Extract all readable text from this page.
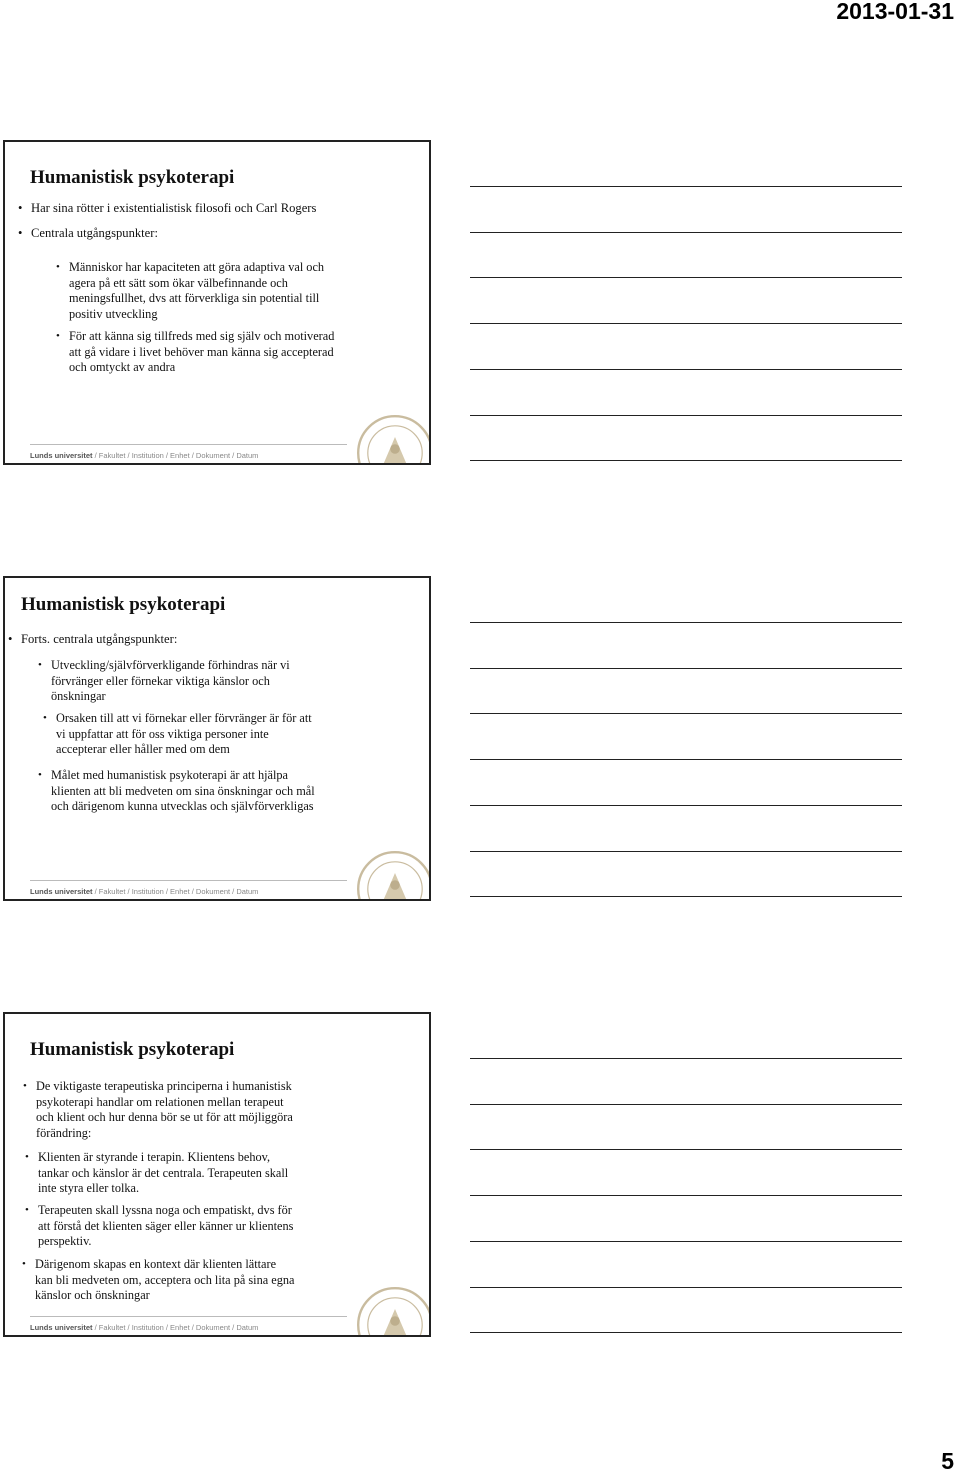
2013-01-31
Humanistisk psykoterapi
• Har sina rötter i existentialistisk filosofi och Carl Rogers
• Centrala utgångspunkter:
• Människor har kapaciteten att göra adaptiva val och
agera på ett sätt som ökar välbefinnande och
meningsfullhet, dvs att förverkliga sin potential till
positiv utveckling
• För att känna sig tillfreds med sig själv och motiverad
att gå vidare i livet behöver man känna sig accepterad
och omtyckt av andra
Lunds universitet / Fakultet / Institution / Enhet / Dokument / Datum
Humanistisk psykoterapi
• Forts. centrala utgångspunkter:
• Utveckling/självförverkligande förhindras när vi
förvränger eller förnekar viktiga känslor och
önskningar
• Orsaken till att vi förnekar eller förvränger är för att
vi uppfattar att för oss viktiga personer inte
accepterar eller håller med om dem
• Målet med humanistisk psykoterapi är att hjälpa
klienten att bli medveten om sina önskningar och mål
och därigenom kunna utvecklas och självförverkligas
Lunds universitet / Fakultet / Institution / Enhet / Dokument / Datum
Humanistisk psykoterapi
• De viktigaste terapeutiska principerna i humanistisk
psykoterapi handlar om relationen mellan terapeut
och klient och hur denna bör se ut för att möjliggöra
förändring:
• Klienten är styrande i terapin. Klientens behov,
tankar och känslor är det centrala. Terapeuten skall
inte styra eller tolka.
• Terapeuten skall lyssna noga och empatiskt, dvs för
att förstå det klienten säger eller känner ur klientens
perspektiv.
• Därigenom skapas en kontext där klienten lättare
kan bli medveten om, acceptera och lita på sina egna
känslor och önskningar
Lunds universitet / Fakultet / Institution / Enhet / Dokument / Datum
5
